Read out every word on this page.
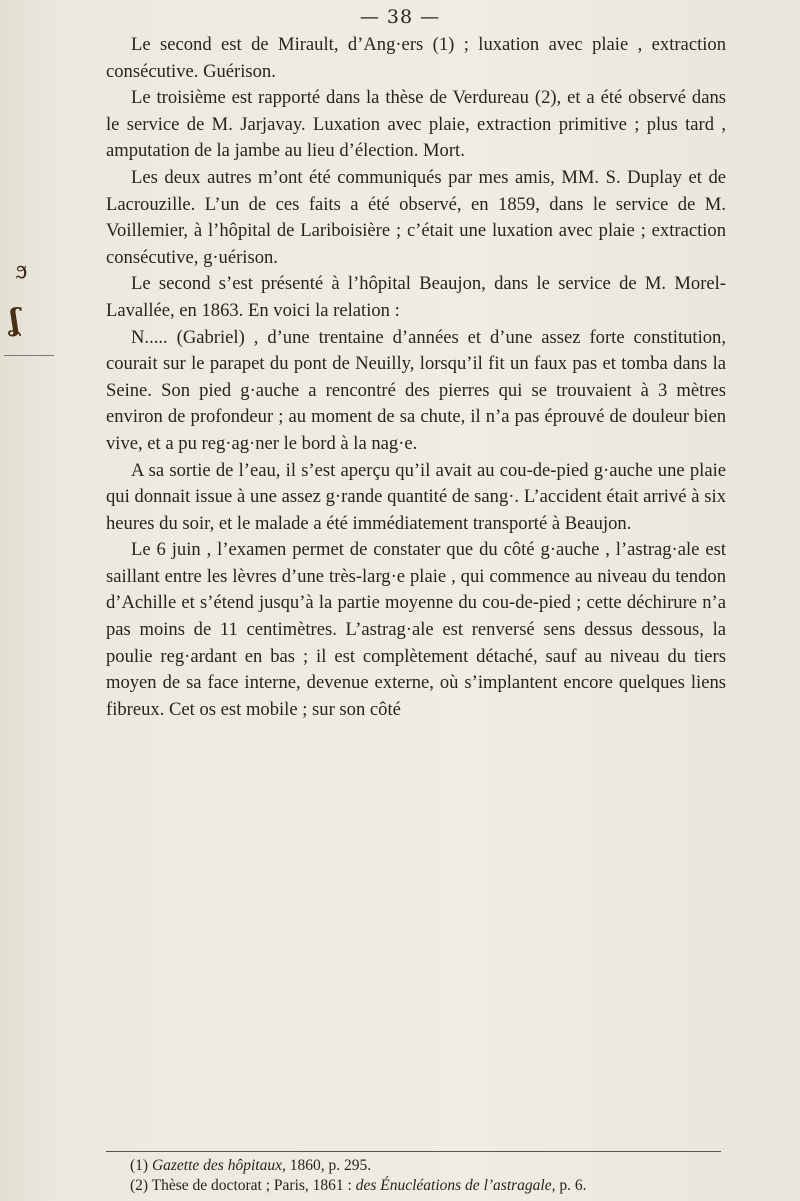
— 38 —
ϧ
ʆ

Le second est de Mirault, d’Ang·ers (1) ; luxation avec plaie , extraction consécutive. Guérison.

Le troisième est rapporté dans la thèse de Verdureau (2), et a été observé dans le service de M. Jarjavay. Luxation avec plaie, extraction primitive ; plus tard , amputation de la jambe au lieu d’élection. Mort.

Les deux autres m’ont été communiqués par mes amis, MM. S. Duplay et de Lacrouzille. L’un de ces faits a été observé, en 1859, dans le service de M. Voillemier, à l’hôpital de Lariboisière ; c’était une luxation avec plaie ; extraction consécutive, g·uérison.

Le second s’est présenté à l’hôpital Beaujon, dans le service de M. Morel-Lavallée, en 1863. En voici la relation :

N..... (Gabriel) , d’une trentaine d’années et d’une assez forte constitution, courait sur le parapet du pont de Neuilly, lorsqu’il fit un faux pas et tomba dans la Seine. Son pied g·auche a rencontré des pierres qui se trouvaient à 3 mètres environ de profondeur ; au moment de sa chute, il n’a pas éprouvé de douleur bien vive, et a pu reg·ag·ner le bord à la nag·e.

A sa sortie de l’eau, il s’est aperçu qu’il avait au cou-de-pied g·auche une plaie qui donnait issue à une assez g·rande quantité de sang·. L’accident était arrivé à six heures du soir, et le malade a été immédiatement transporté à Beaujon.

Le 6 juin , l’examen permet de constater que du côté g·auche , l’astrag·ale est saillant entre les lèvres d’une très-larg·e plaie , qui commence au niveau du tendon d’Achille et s’étend jusqu’à la partie moyenne du cou-de-pied ; cette déchirure n’a pas moins de 11 centimètres. L’astrag·ale est renversé sens dessus dessous, la poulie reg·ardant en bas ; il est complètement détaché, sauf au niveau du tiers moyen de sa face interne, devenue externe, où s’implantent encore quelques liens fibreux. Cet os est mobile ; sur son côté

(1) Gazette des hôpitaux, 1860, p. 295.

(2) Thèse de doctorat ; Paris, 1861 : des Énucléations de l’astragale, p. 6.
